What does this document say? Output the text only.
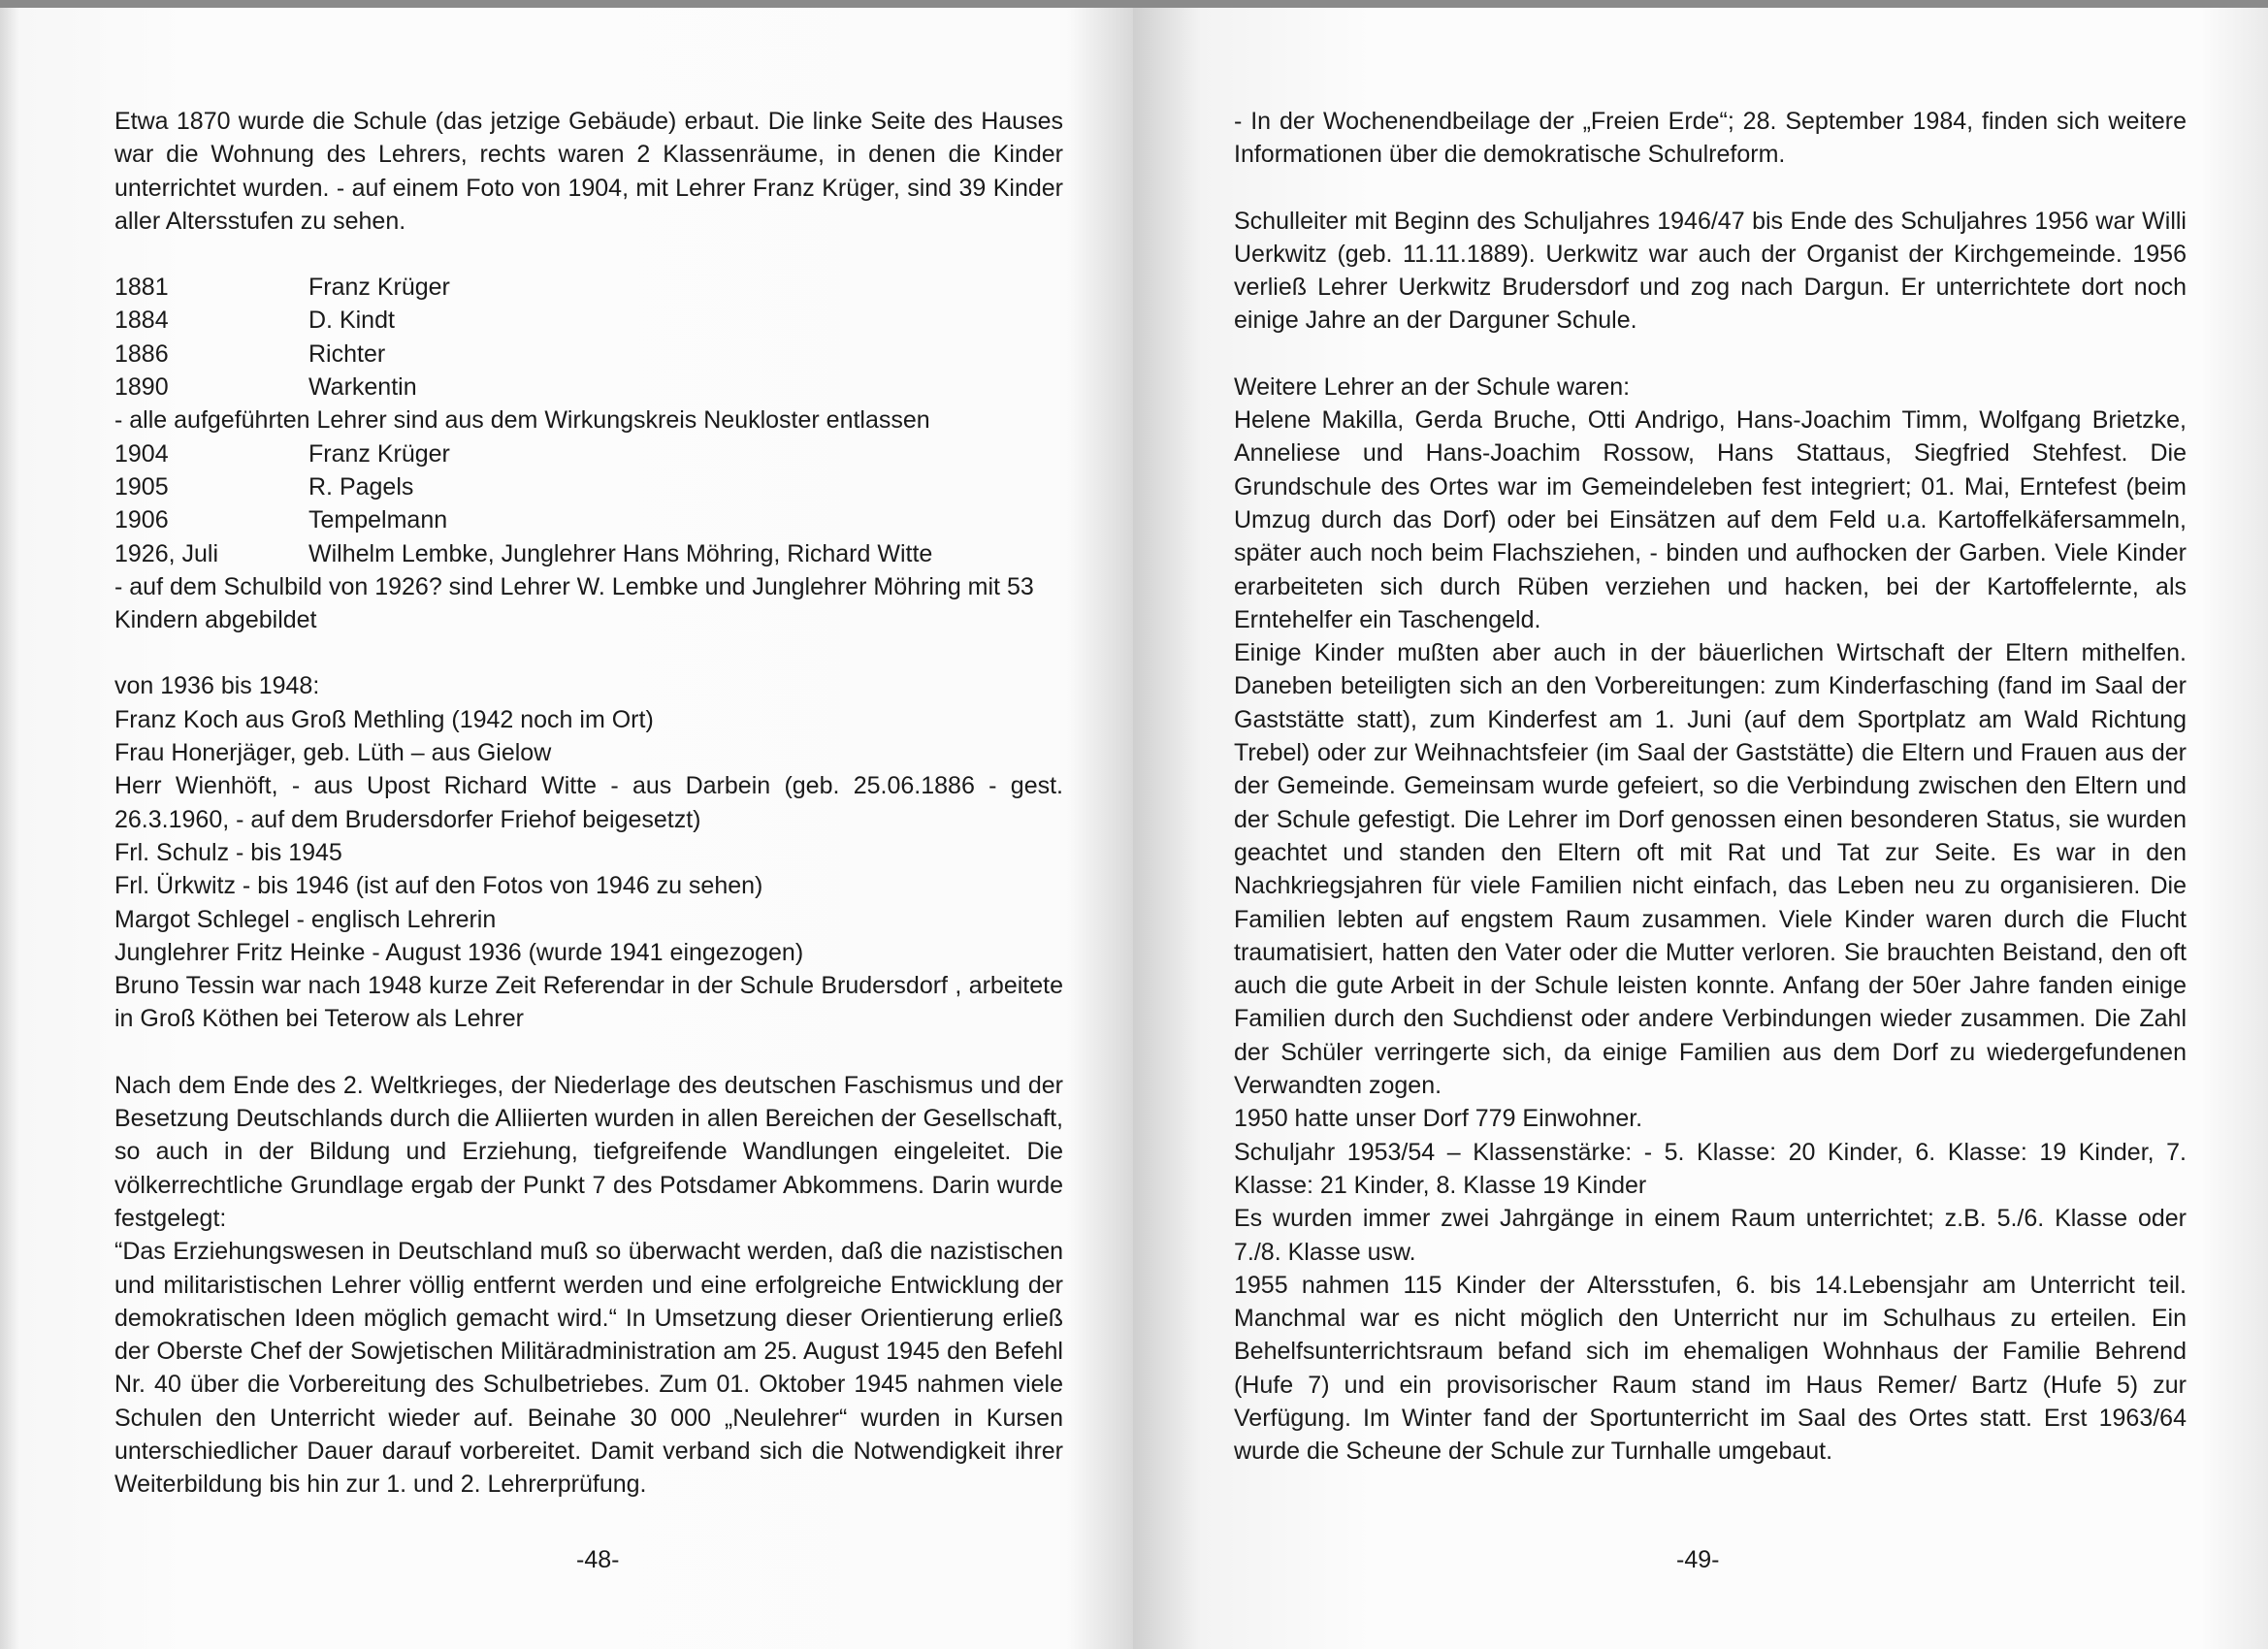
Etwa 1870 wurde die Schule (das jetzige Gebäude) erbaut. Die linke Seite des Hauses war die Wohnung des Lehrers, rechts waren 2 Klassenräume, in denen die Kinder unterrichtet wurden. - auf einem Foto von 1904, mit Lehrer Franz Krüger, sind 39 Kinder aller Altersstufen zu sehen.

1881	Franz Krüger
1884	D. Kindt
1886	Richter
1890	Warkentin

- alle aufgeführten Lehrer sind aus dem Wirkungskreis Neukloster entlassen

1904	Franz Krüger
1905	R. Pagels
1906	Tempelmann
1926, Juli	Wilhelm Lembke, Junglehrer Hans Möhring, Richard Witte

- auf dem Schulbild von 1926? sind Lehrer W. Lembke und Junglehrer Möhring mit 53 Kindern abgebildet

von 1936 bis 1948:

Franz Koch aus Groß Methling (1942 noch im Ort)

Frau Honerjäger, geb. Lüth – aus Gielow

Herr Wienhöft, - aus Upost Richard Witte - aus Darbein (geb. 25.06.1886 - gest. 26.3.1960, - auf dem Brudersdorfer Friehof beigesetzt)

Frl. Schulz - bis 1945

Frl. Ürkwitz - bis 1946 (ist auf den Fotos von 1946 zu sehen)

Margot Schlegel - englisch Lehrerin

Junglehrer Fritz Heinke - August 1936 (wurde 1941 eingezogen)

Bruno Tessin war nach 1948 kurze Zeit Referendar in der Schule Brudersdorf , arbeitete in Groß Köthen bei Teterow als Lehrer

Nach dem Ende des 2. Weltkrieges, der Niederlage des deutschen Faschismus und der Besetzung Deutschlands durch die Alliierten wurden in allen Bereichen der Gesellschaft, so auch in der Bildung und Erziehung, tiefgreifende Wandlungen eingeleitet. Die völkerrechtliche Grundlage ergab der Punkt 7 des Potsdamer Abkommens. Darin wurde festgelegt:

“Das Erziehungswesen in Deutschland muß so überwacht werden, daß die nazistischen und militaristischen Lehrer völlig entfernt werden und eine erfolgreiche Entwicklung der demokratischen Ideen möglich gemacht wird.“ In Umsetzung dieser Orientierung erließ der Oberste Chef der Sowjetischen Militäradministration am 25. August 1945 den Befehl Nr. 40 über die Vorbereitung des Schulbetriebes. Zum 01. Oktober 1945 nahmen viele Schulen den Unterricht wieder auf. Beinahe 30 000 „Neulehrer“ wurden in Kursen unterschiedlicher Dauer darauf vorbereitet. Damit verband sich die Notwendigkeit ihrer Weiterbildung bis hin zur 1. und 2. Lehrerprüfung.

-48-

- In der Wochenendbeilage der „Freien Erde“; 28. September 1984, finden sich weitere Informationen über die demokratische Schulreform.

Schulleiter mit Beginn des Schuljahres 1946/47 bis Ende des Schuljahres 1956 war Willi Uerkwitz (geb. 11.11.1889). Uerkwitz war auch der Organist der Kirchgemeinde. 1956 verließ Lehrer Uerkwitz Brudersdorf und zog nach Dargun. Er unterrichtete dort noch einige Jahre an der Darguner Schule.

Weitere Lehrer an der Schule waren:

Helene Makilla, Gerda Bruche, Otti Andrigo, Hans-Joachim Timm, Wolfgang Brietzke, Anneliese und Hans-Joachim Rossow, Hans Stattaus, Siegfried Stehfest. Die Grundschule des Ortes war im Gemeindeleben fest integriert; 01. Mai, Erntefest (beim Umzug durch das Dorf) oder bei Einsätzen auf dem Feld u.a. Kartoffelkäfersammeln, später auch noch beim Flachsziehen, - binden und aufhocken der Garben. Viele Kinder erarbeiteten sich durch Rüben verziehen und hacken, bei der Kartoffelernte, als Erntehelfer ein Taschengeld.

Einige Kinder mußten aber auch in der bäuerlichen Wirtschaft der Eltern mithelfen. Daneben beteiligten sich an den Vorbereitungen: zum Kinderfasching (fand im Saal der Gaststätte statt), zum Kinderfest am 1. Juni (auf dem Sportplatz am Wald Richtung Trebel) oder zur Weihnachtsfeier (im Saal der Gaststätte) die Eltern und Frauen aus der der Gemeinde. Gemeinsam wurde gefeiert, so die Verbindung zwischen den Eltern und der Schule gefestigt. Die Lehrer im Dorf genossen einen besonderen Status, sie wurden geachtet und standen den Eltern oft mit Rat und Tat zur Seite. Es war in den Nachkriegsjahren für viele Familien nicht einfach, das Leben neu zu organisieren. Die Familien lebten auf engstem Raum zusammen. Viele Kinder waren durch die Flucht traumatisiert, hatten den Vater oder die Mutter verloren. Sie brauchten Beistand, den oft auch die gute Arbeit in der Schule leisten konnte. Anfang der 50er Jahre fanden einige Familien durch den Suchdienst oder andere Verbindungen wieder zusammen. Die Zahl der Schüler verringerte sich, da einige Familien aus dem Dorf zu wiedergefundenen Verwandten zogen.

1950 hatte unser Dorf 779 Einwohner.

Schuljahr 1953/54 – Klassenstärke: - 5. Klasse: 20 Kinder, 6. Klasse: 19 Kinder, 7. Klasse: 21 Kinder, 8. Klasse 19 Kinder

Es wurden immer zwei Jahrgänge in einem Raum unterrichtet; z.B. 5./6. Klasse oder 7./8. Klasse usw.

1955 nahmen 115 Kinder der Altersstufen, 6. bis 14.Lebensjahr am Unterricht teil. Manchmal war es nicht möglich den Unterricht nur im Schulhaus zu erteilen. Ein Behelfsunterrichtsraum befand sich im ehemaligen Wohnhaus der Familie Behrend (Hufe 7) und ein provisorischer Raum stand im Haus Remer/ Bartz (Hufe 5) zur Verfügung. Im Winter fand der Sportunterricht im Saal des Ortes statt. Erst 1963/64 wurde die Scheune der Schule zur Turnhalle umgebaut.

-49-
